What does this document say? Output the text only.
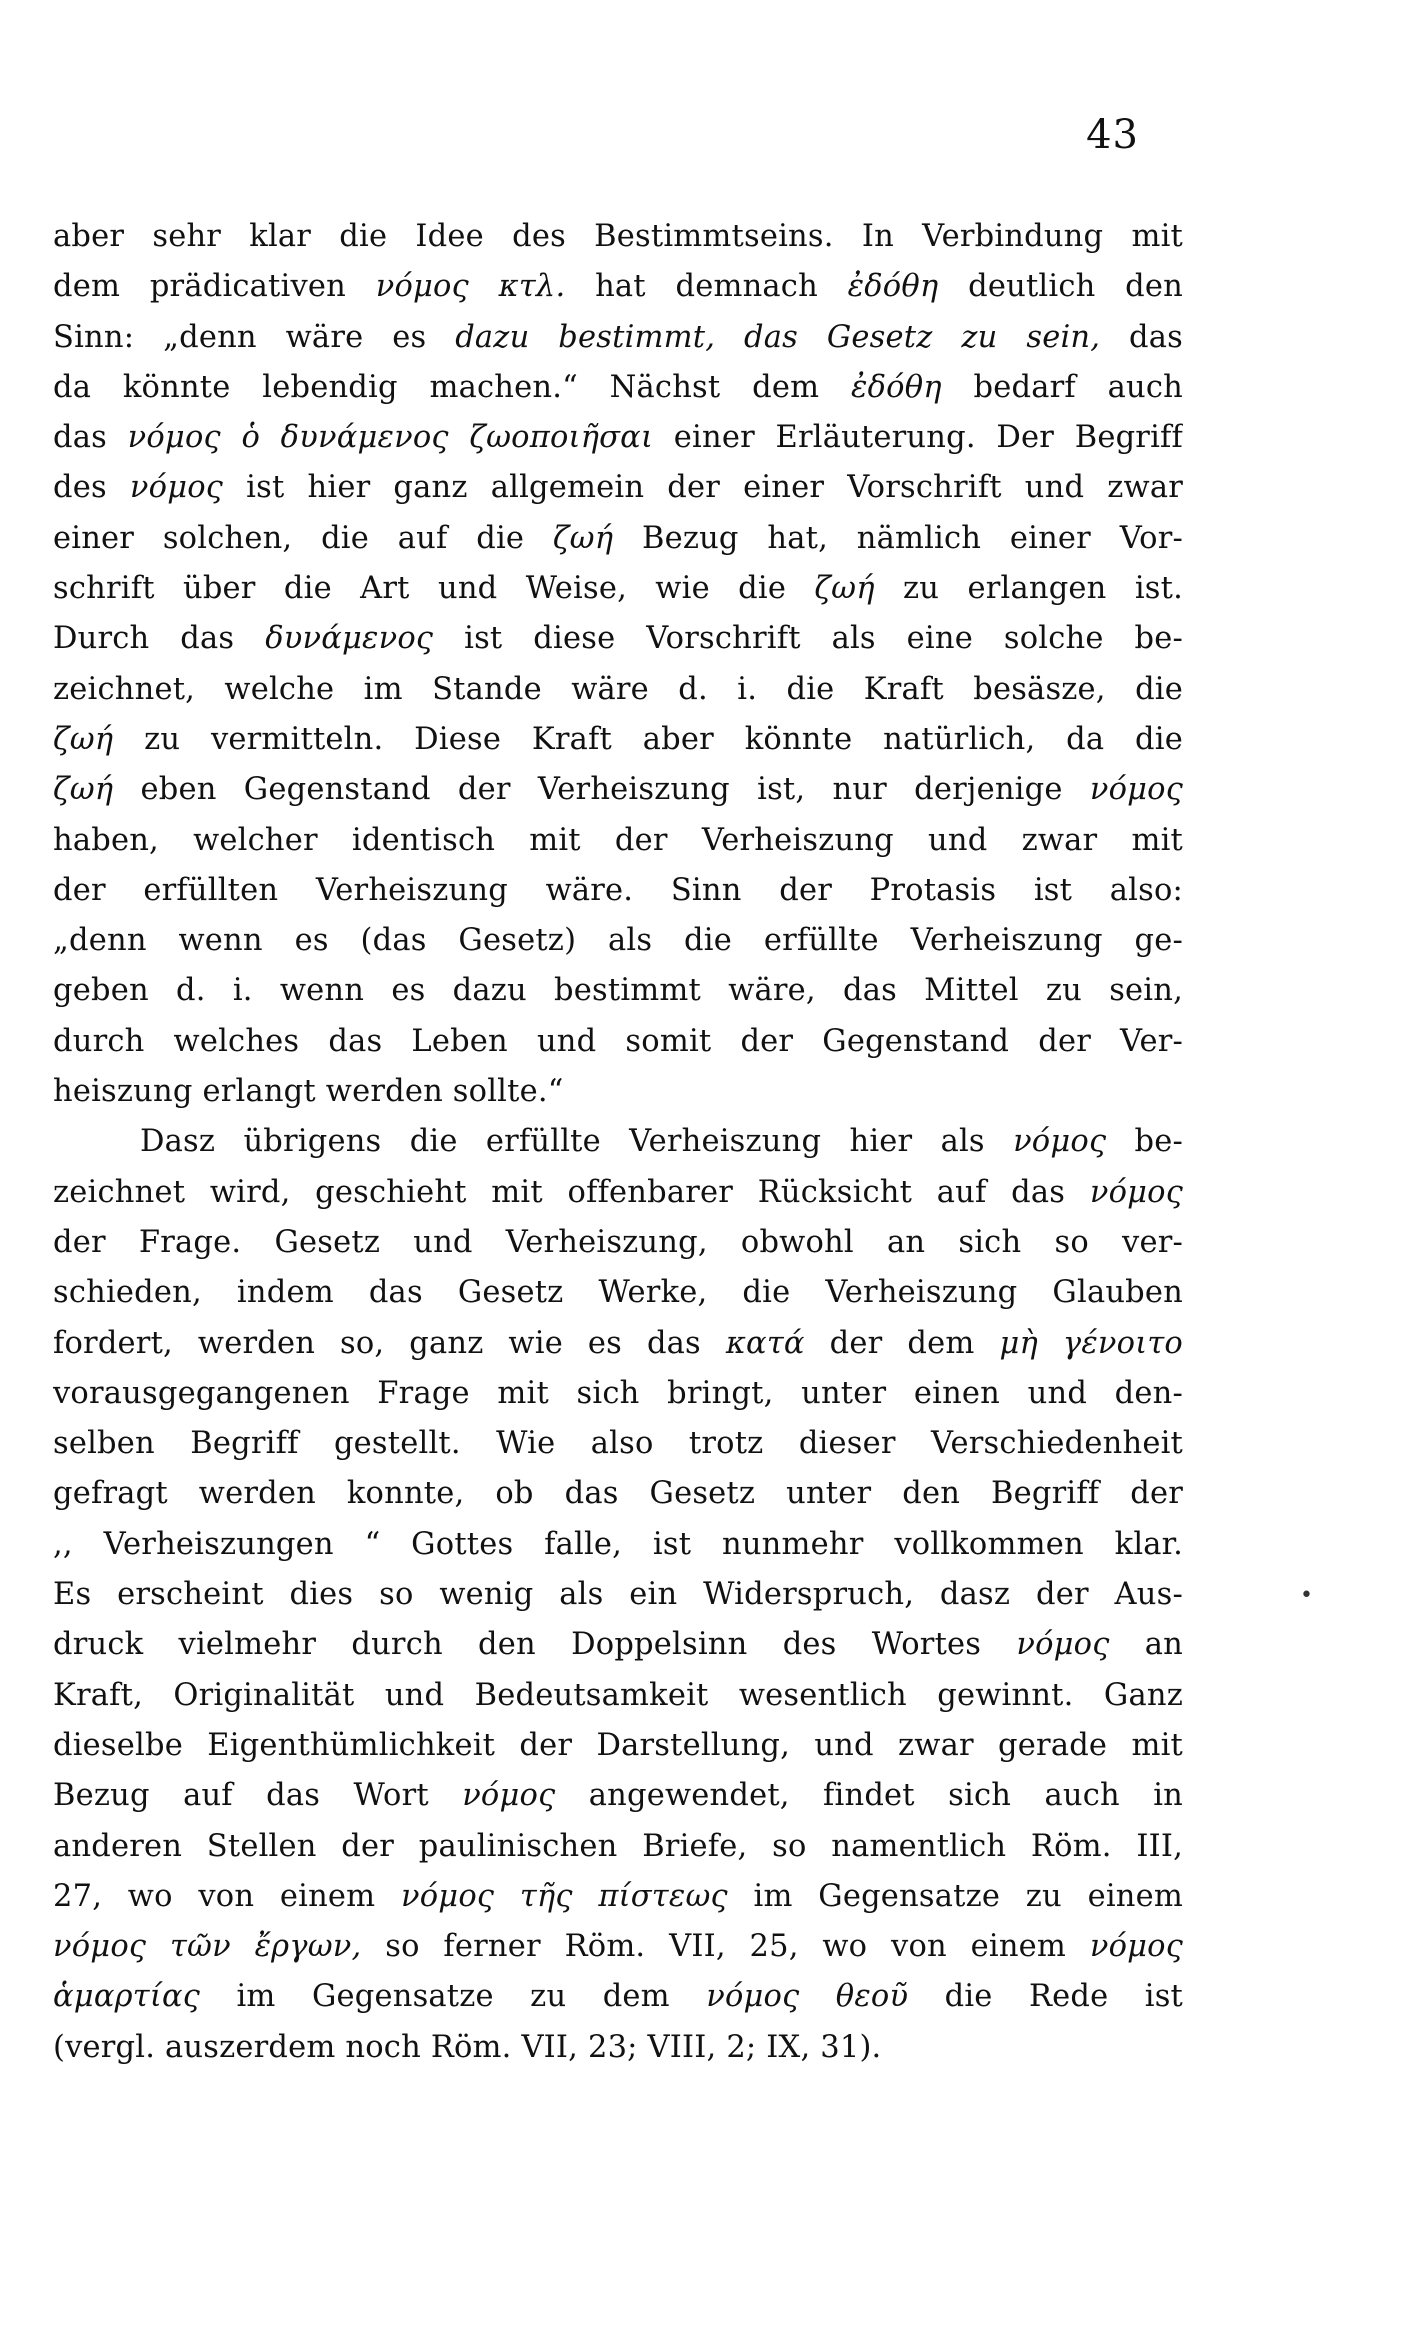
43
aber sehr klar die Idee des Bestimmtseins. In Verbindung mit
dem prädicativen νόμος κτλ. hat demnach ἐδόθη deutlich den
Sinn: „denn wäre es dazu bestimmt, das Gesetz zu sein, das
da könnte lebendig machen.“ Nächst dem ἐδόθη bedarf auch
das νόμος ὁ δυνάμενος ζωοποιῆσαι einer Erläuterung. Der Begriff
des νόμος ist hier ganz allgemein der einer Vorschrift und zwar
einer solchen, die auf die ζωή Bezug hat, nämlich einer Vor-
schrift über die Art und Weise, wie die ζωή zu erlangen ist.
Durch das δυνάμενος ist diese Vorschrift als eine solche be-
zeichnet, welche im Stande wäre d. i. die Kraft besäsze, die
ζωή zu vermitteln. Diese Kraft aber könnte natürlich, da die
ζωή eben Gegenstand der Verheiszung ist, nur derjenige νόμος
haben, welcher identisch mit der Verheiszung und zwar mit
der erfüllten Verheiszung wäre. Sinn der Protasis ist also:
„denn wenn es (das Gesetz) als die erfüllte Verheiszung ge-
geben d. i. wenn es dazu bestimmt wäre, das Mittel zu sein,
durch welches das Leben und somit der Gegenstand der Ver-
heiszung erlangt werden sollte.“
Dasz übrigens die erfüllte Verheiszung hier als νόμος be-
zeichnet wird, geschieht mit offenbarer Rücksicht auf das νόμος
der Frage. Gesetz und Verheiszung, obwohl an sich so ver-
schieden, indem das Gesetz Werke, die Verheiszung Glauben
fordert, werden so, ganz wie es das κατά der dem μὴ γένοιτο
vorausgegangenen Frage mit sich bringt, unter einen und den-
selben Begriff gestellt. Wie also trotz dieser Verschiedenheit
gefragt werden konnte, ob das Gesetz unter den Begriff der
,, Verheiszungen “ Gottes falle, ist nunmehr vollkommen klar.
Es erscheint dies so wenig als ein Widerspruch, dasz der Aus-
druck vielmehr durch den Doppelsinn des Wortes νόμος an
Kraft, Originalität und Bedeutsamkeit wesentlich gewinnt. Ganz
dieselbe Eigenthümlichkeit der Darstellung, und zwar gerade mit
Bezug auf das Wort νόμος angewendet, findet sich auch in
anderen Stellen der paulinischen Briefe, so namentlich Röm. III,
27, wo von einem νόμος τῆς πίστεως im Gegensatze zu einem
νόμος τῶν ἔργων, so ferner Röm. VII, 25, wo von einem νόμος
ἁμαρτίας im Gegensatze zu dem νόμος θεοῦ die Rede ist
(vergl. auszerdem noch Röm. VII, 23; VIII, 2; IX, 31).
•
